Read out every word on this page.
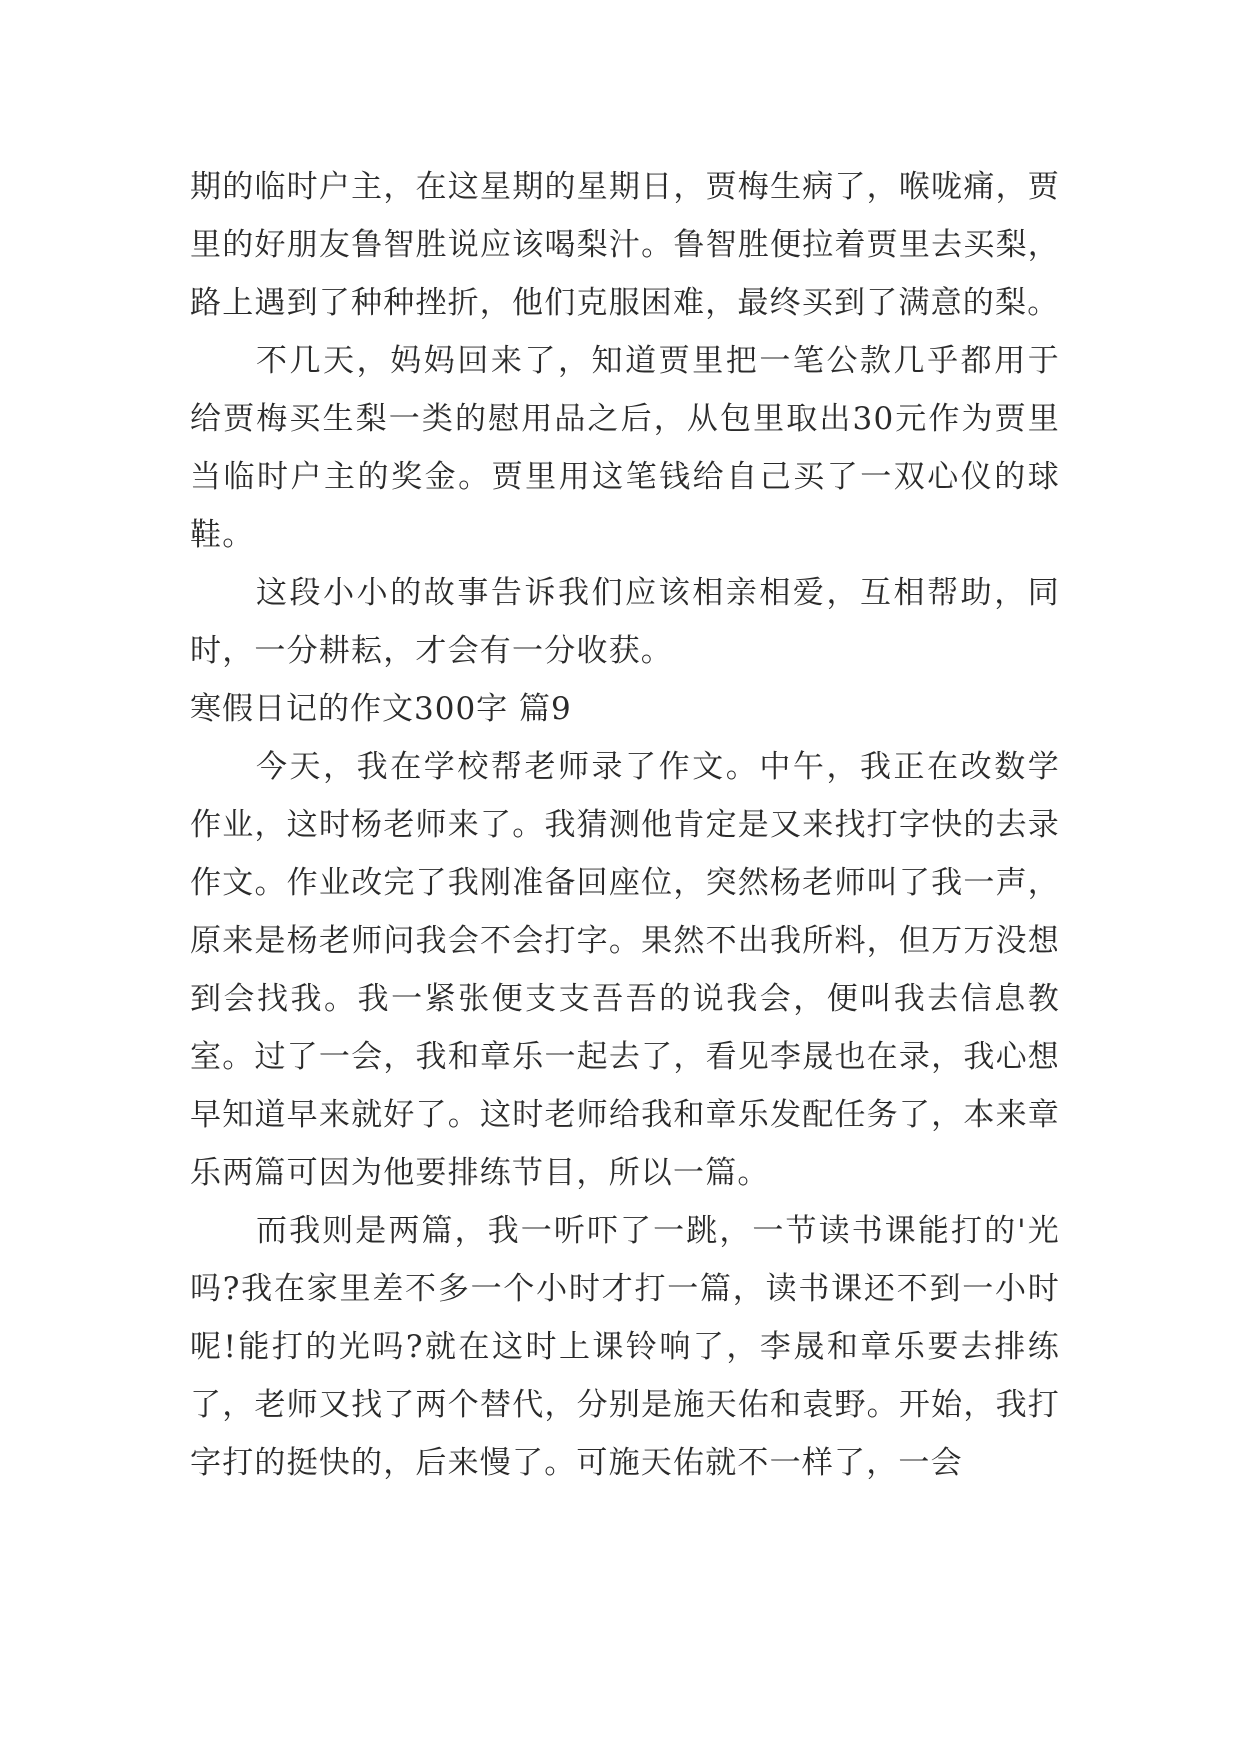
期的临时户主，在这星期的星期日，贾梅生病了，喉咙痛，贾里的好朋友鲁智胜说应该喝梨汁。鲁智胜便拉着贾里去买梨，路上遇到了种种挫折，他们克服困难，最终买到了满意的梨。

不几天，妈妈回来了，知道贾里把一笔公款几乎都用于给贾梅买生梨一类的慰用品之后，从包里取出30元作为贾里当临时户主的奖金。贾里用这笔钱给自己买了一双心仪的球鞋。

这段小小的故事告诉我们应该相亲相爱，互相帮助，同时，一分耕耘，才会有一分收获。

寒假日记的作文300字 篇9

今天，我在学校帮老师录了作文。中午，我正在改数学作业，这时杨老师来了。我猜测他肯定是又来找打字快的去录作文。作业改完了我刚准备回座位，突然杨老师叫了我一声，原来是杨老师问我会不会打字。果然不出我所料，但万万没想到会找我。我一紧张便支支吾吾的说我会，便叫我去信息教室。过了一会，我和章乐一起去了，看见李晟也在录，我心想早知道早来就好了。这时老师给我和章乐发配任务了，本来章乐两篇可因为他要排练节目，所以一篇。

而我则是两篇，我一听吓了一跳，一节读书课能打的'光吗?我在家里差不多一个小时才打一篇，读书课还不到一小时呢!能打的光吗?就在这时上课铃响了，李晟和章乐要去排练了，老师又找了两个替代，分别是施天佑和袁野。开始，我打字打的挺快的，后来慢了。可施天佑就不一样了，一会
